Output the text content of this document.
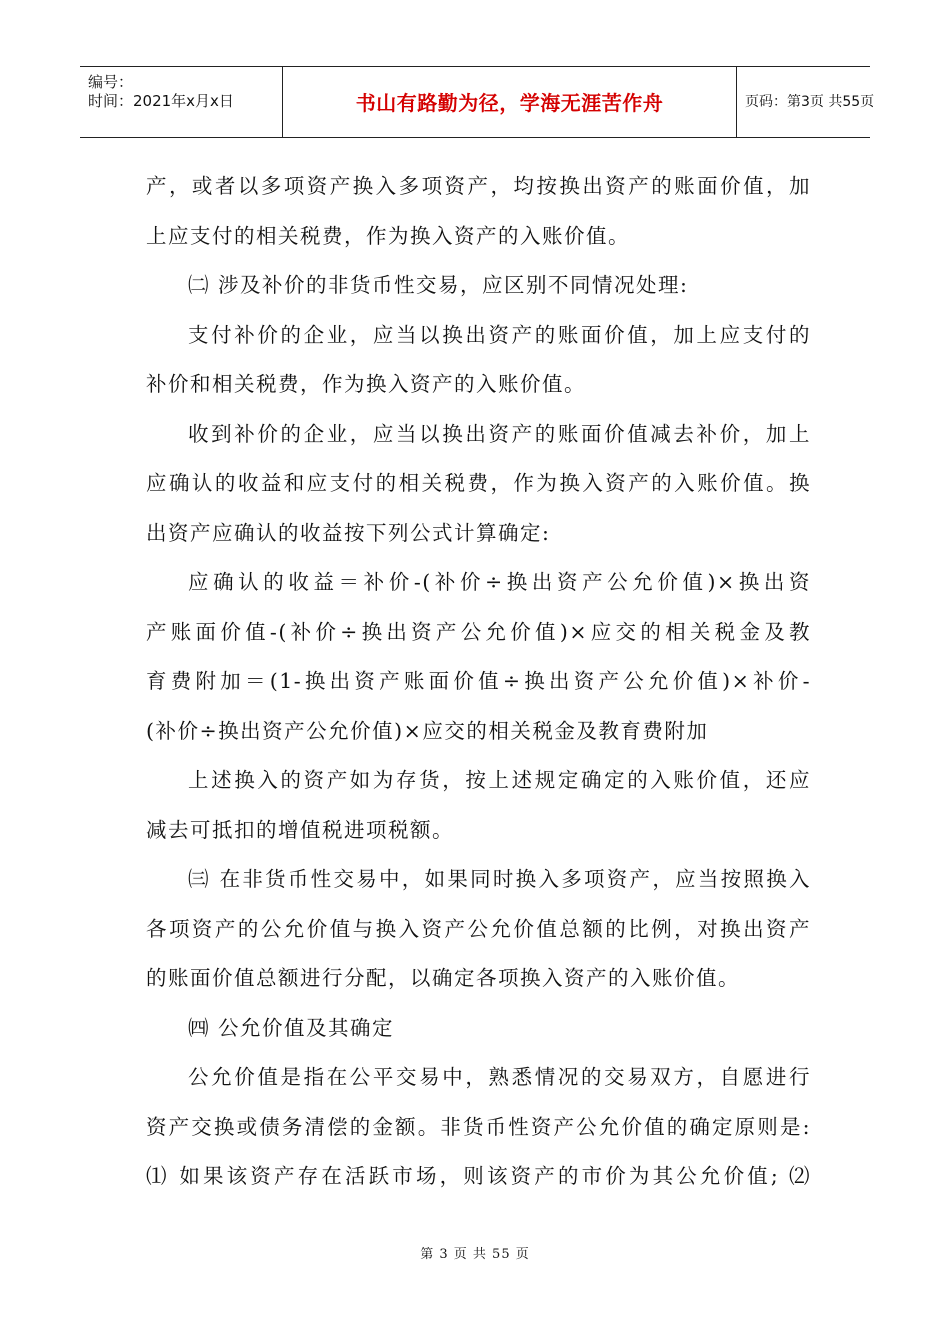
编号：
时间：2021年x月x日	书山有路勤为径，学海无涯苦作舟	页码：第3页 共55页
产，或者以多项资产换入多项资产，均按换出资产的账面价值，加
上应支付的相关税费，作为换入资产的入账价值。
㈡ 涉及补价的非货币性交易，应区别不同情况处理:
支付补价的企业，应当以换出资产的账面价值，加上应支付的
补价和相关税费，作为换入资产的入账价值。
收到补价的企业，应当以换出资产的账面价值减去补价，加上
应确认的收益和应支付的相关税费，作为换入资产的入账价值。换
出资产应确认的收益按下列公式计算确定:
应确认的收益＝补价-(补价÷换出资产公允价值)×换出资
产账面价值-(补价÷换出资产公允价值)×应交的相关税金及教
育费附加＝(1-换出资产账面价值÷换出资产公允价值)×补价-
(补价÷换出资产公允价值)×应交的相关税金及教育费附加
上述换入的资产如为存货，按上述规定确定的入账价值，还应
减去可抵扣的增值税进项税额。
㈢ 在非货币性交易中，如果同时换入多项资产，应当按照换入
各项资产的公允价值与换入资产公允价值总额的比例，对换出资产
的账面价值总额进行分配，以确定各项换入资产的入账价值。
㈣ 公允价值及其确定
公允价值是指在公平交易中，熟悉情况的交易双方，自愿进行
资产交换或债务清偿的金额。非货币性资产公允价值的确定原则是:
⑴ 如果该资产存在活跃市场，则该资产的市价为其公允价值; ⑵
第 3 页 共 55 页
